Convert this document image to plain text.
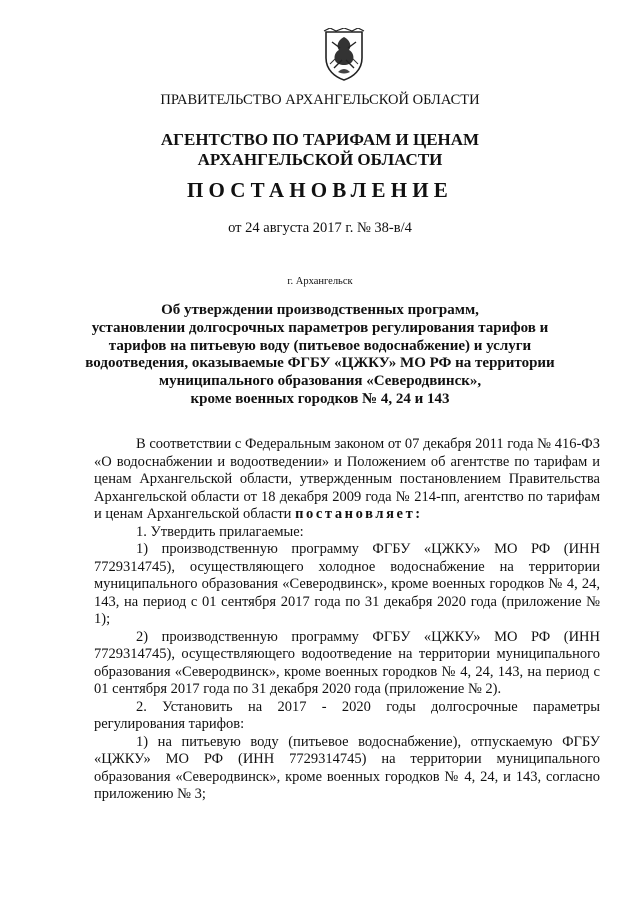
ПРАВИТЕЛЬСТВО АРХАНГЕЛЬСКОЙ ОБЛАСТИ
АГЕНТСТВО ПО ТАРИФАМ И ЦЕНАМ
АРХАНГЕЛЬСКОЙ ОБЛАСТИ
ПОСТАНОВЛЕНИЕ
от 24 августа 2017 г. № 38-в/4
г. Архангельск
Об утверждении производственных программ,
установлении долгосрочных параметров регулирования тарифов и
тарифов на питьевую воду (питьевое водоснабжение) и услуги
водоотведения, оказываемые ФГБУ «ЦЖКУ» МО РФ на территории
муниципального образования «Северодвинск»,
кроме военных городков № 4, 24 и 143

В соответствии с Федеральным законом от 07 декабря 2011 года № 416-ФЗ «О водоснабжении и водоотведении» и Положением об агентстве по тарифам и ценам Архангельской области, утвержденным постановлением Правительства Архангельской области от 18 декабря 2009 года № 214-пп, агентство по тарифам и ценам Архангельской области постановляет:

1. Утвердить прилагаемые:

1) производственную программу ФГБУ «ЦЖКУ» МО РФ (ИНН 7729314745), осуществляющего холодное водоснабжение на территории муниципального образования «Северодвинск», кроме военных городков № 4, 24, 143, на период с 01 сентября 2017 года по 31 декабря 2020 года (приложение № 1);

2) производственную программу ФГБУ «ЦЖКУ» МО РФ (ИНН 7729314745), осуществляющего водоотведение на территории муниципального образования «Северодвинск», кроме военных городков № 4, 24, 143, на период с 01 сентября 2017 года по 31 декабря 2020 года (приложение № 2).

2. Установить на 2017 - 2020 годы долгосрочные параметры регулирования тарифов:

1) на питьевую воду (питьевое водоснабжение), отпускаемую ФГБУ «ЦЖКУ» МО РФ (ИНН 7729314745) на территории муниципального образования «Северодвинск», кроме военных городков № 4, 24, и 143, согласно приложению № 3;
